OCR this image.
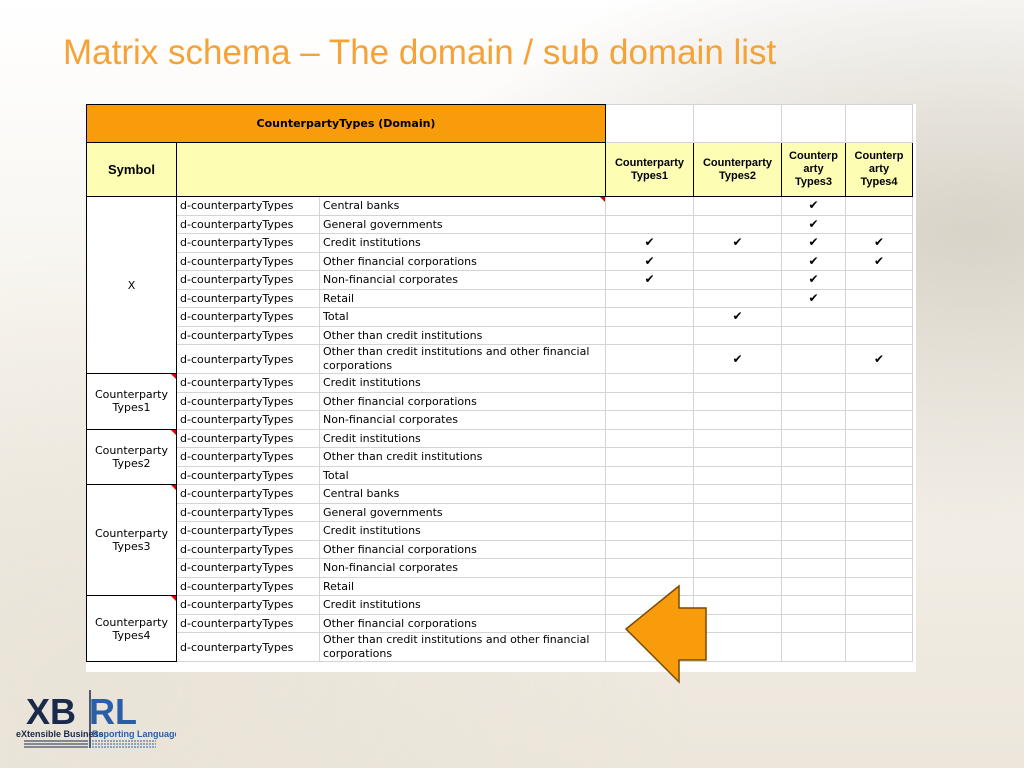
Matrix schema – The domain / sub domain list
CounterpartyTypes (Domain)						
Symbol			Counterparty Types1	Counterparty Types2	Counterp arty Types3	Counterp arty Types4
X	d-counterpartyTypes	Central banks			✔	
	d-counterpartyTypes	General governments			✔	
	d-counterpartyTypes	Credit institutions	✔	✔	✔	✔
	d-counterpartyTypes	Other financial corporations	✔		✔	✔
	d-counterpartyTypes	Non-financial corporates	✔		✔	
	d-counterpartyTypes	Retail			✔	
	d-counterpartyTypes	Total		✔		
	d-counterpartyTypes	Other than credit institutions				
	d-counterpartyTypes	Other than credit institutions and other financial corporations		✔		✔
Counterparty Types1	d-counterpartyTypes	Credit institutions				
	d-counterpartyTypes	Other financial corporations				
	d-counterpartyTypes	Non-financial corporates				
Counterparty Types2	d-counterpartyTypes	Credit institutions				
	d-counterpartyTypes	Other than credit institutions				
	d-counterpartyTypes	Total				
Counterparty Types3	d-counterpartyTypes	Central banks				
	d-counterpartyTypes	General governments				
	d-counterpartyTypes	Credit institutions				
	d-counterpartyTypes	Other financial corporations				
	d-counterpartyTypes	Non-financial corporates				
	d-counterpartyTypes	Retail				
Counterparty Types4	d-counterpartyTypes	Credit institutions				
	d-counterpartyTypes	Other financial corporations				
	d-counterpartyTypes	Other than credit institutions and other financial corporations				
XB RL
eXtensible Business
Reporting Language
